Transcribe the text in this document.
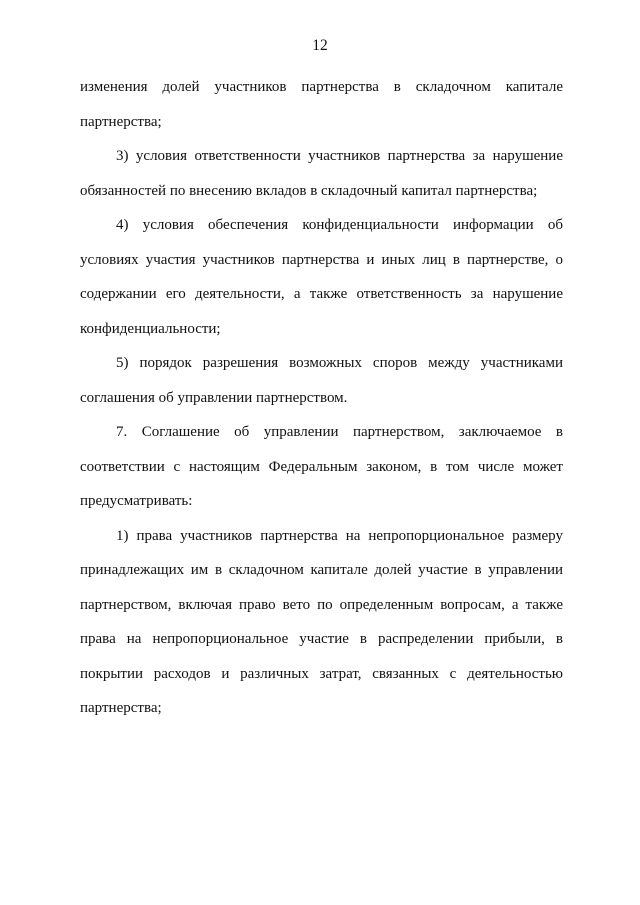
12

изменения долей участников партнерства в складочном капитале партнерства;

3) условия ответственности участников партнерства за нарушение обязанностей по внесению вкладов в складочный капитал партнерства;

4) условия обеспечения конфиденциальности информации об условиях участия участников партнерства и иных лиц в партнерстве, о содержании его деятельности, а также ответственность за нарушение конфиденциальности;

5) порядок разрешения возможных споров между участниками соглашения об управлении партнерством.

7. Соглашение об управлении партнерством, заключаемое в соответствии с настоящим Федеральным законом, в том числе может предусматривать:

1) права участников партнерства на непропорциональное размеру принадлежащих им в складочном капитале долей участие в управлении партнерством, включая право вето по определенным вопросам, а также права на непропорциональное участие в распределении прибыли, в покрытии расходов и различных затрат, связанных с деятельностью партнерства;
